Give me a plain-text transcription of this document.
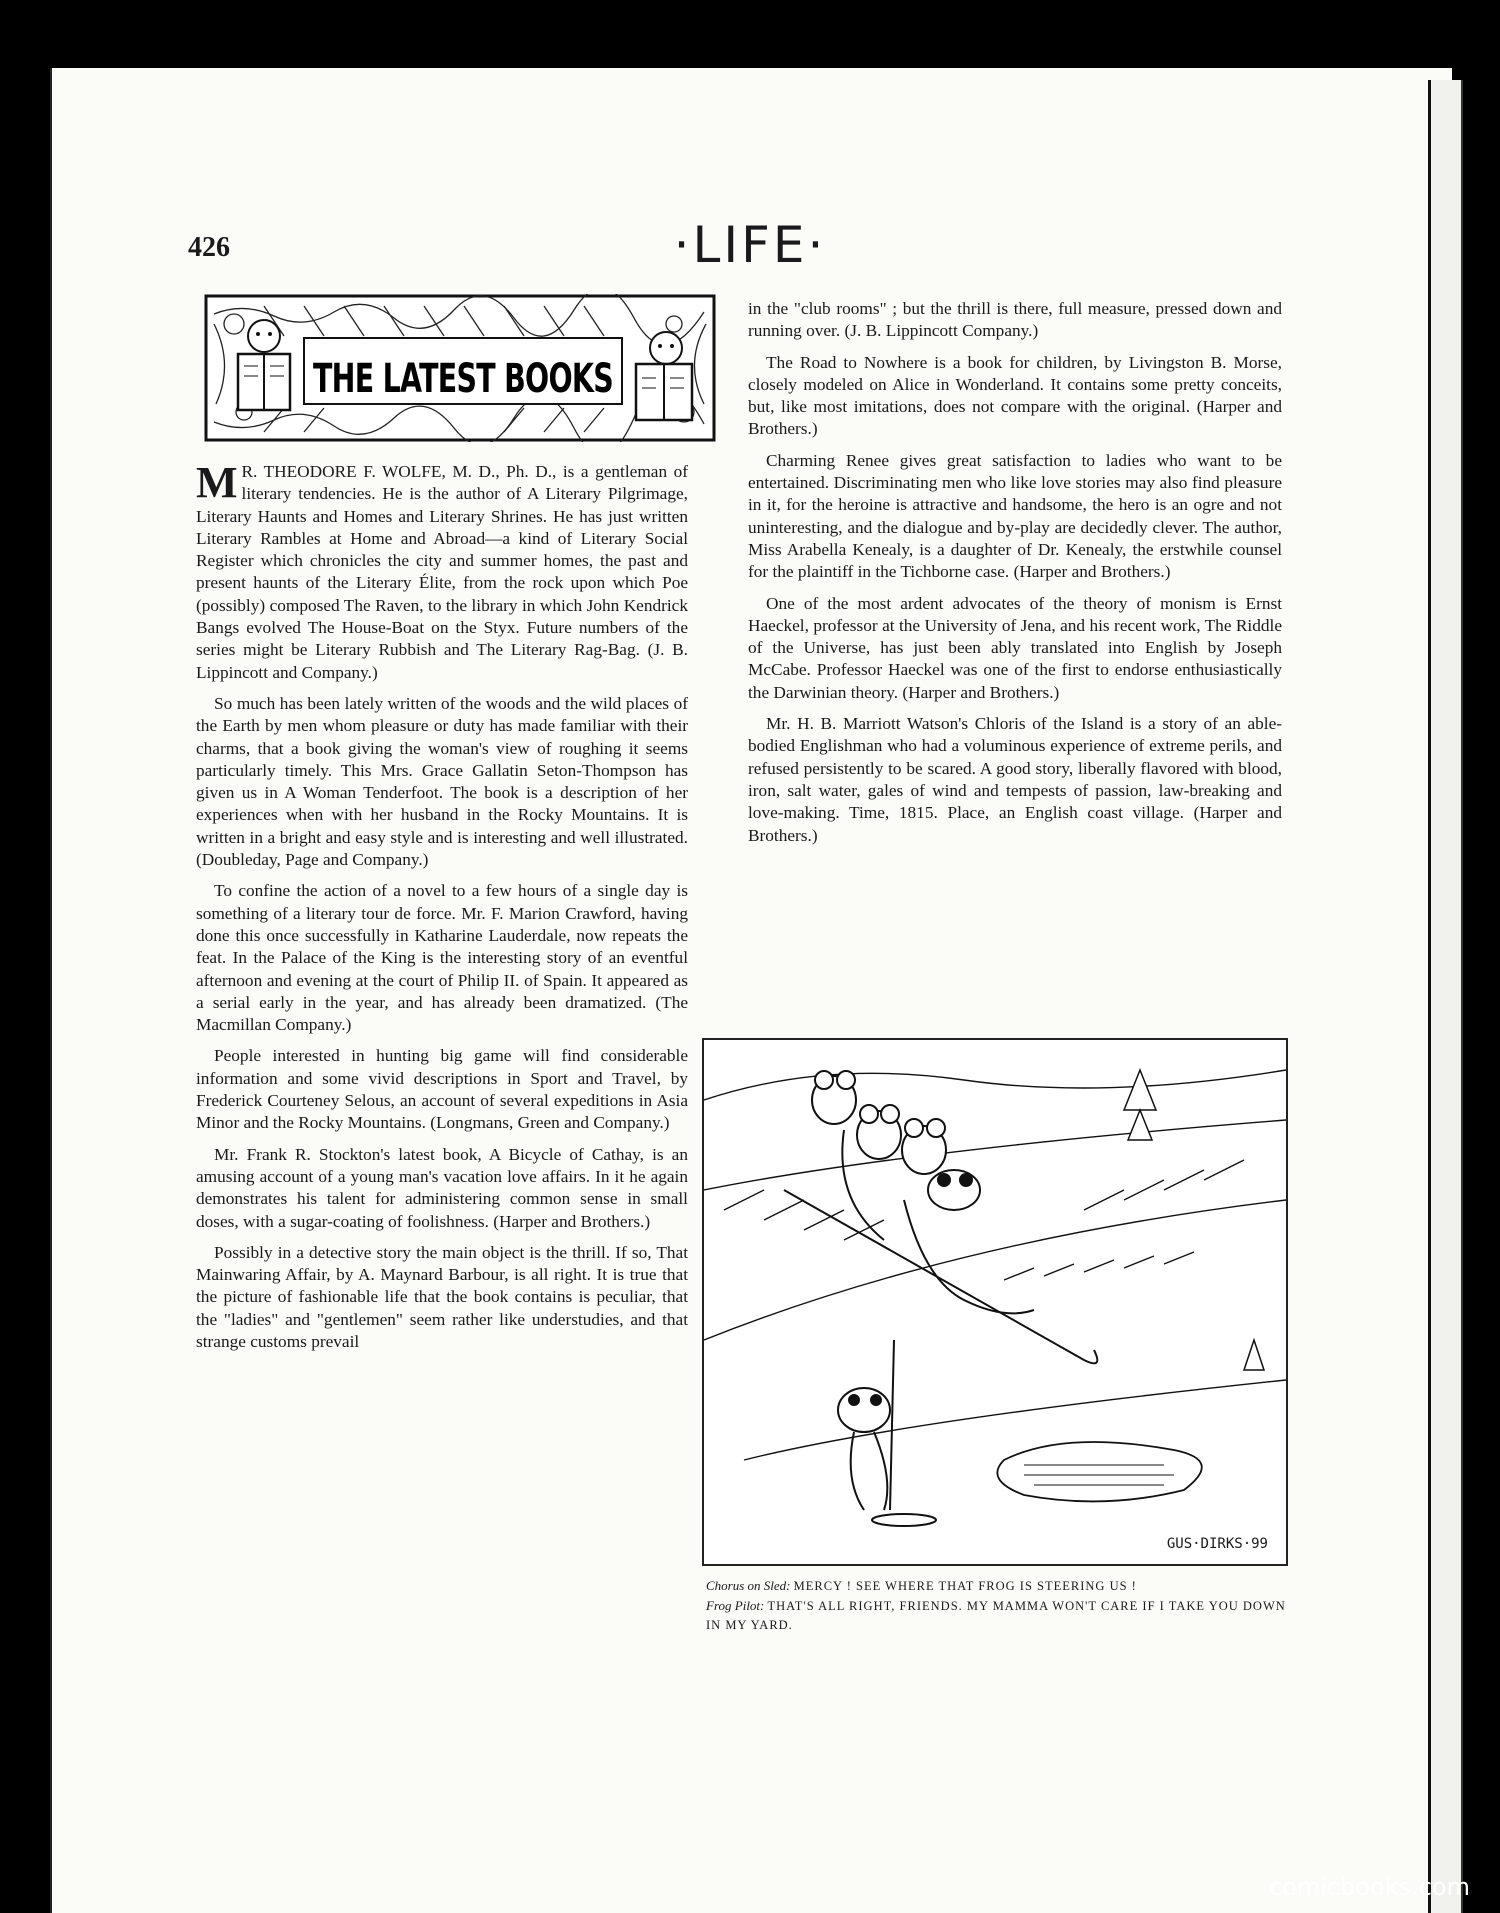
426	·LIFE·
THE LATEST BOOKS

M R. THEODORE F. WOLFE, M. D., Ph. D., is a gentleman of literary tendencies. He is the author of A Literary Pilgrimage, Literary Haunts and Homes and Literary Shrines. He has just written Literary Rambles at Home and Abroad—a kind of Literary Social Register which chronicles the city and summer homes, the past and present haunts of the Literary Élite, from the rock upon which Poe (possibly) composed The Raven, to the library in which John Kendrick Bangs evolved The House-Boat on the Styx. Future numbers of the series might be Literary Rubbish and The Literary Rag-Bag. (J. B. Lippincott and Company.)

So much has been lately written of the woods and the wild places of the Earth by men whom pleasure or duty has made familiar with their charms, that a book giving the woman's view of roughing it seems particularly timely. This Mrs. Grace Gallatin Seton-Thompson has given us in A Woman Tenderfoot. The book is a description of her experiences when with her husband in the Rocky Mountains. It is written in a bright and easy style and is interesting and well illustrated. (Doubleday, Page and Company.)

To confine the action of a novel to a few hours of a single day is something of a literary tour de force. Mr. F. Marion Crawford, having done this once successfully in Katharine Lauderdale, now repeats the feat. In the Palace of the King is the interesting story of an eventful afternoon and evening at the court of Philip II. of Spain. It appeared as a serial early in the year, and has already been dramatized. (The Macmillan Company.)

People interested in hunting big game will find considerable information and some vivid descriptions in Sport and Travel, by Frederick Courteney Selous, an account of several expeditions in Asia Minor and the Rocky Mountains. (Longmans, Green and Company.)

Mr. Frank R. Stockton's latest book, A Bicycle of Cathay, is an amusing account of a young man's vacation love affairs. In it he again demonstrates his talent for administering common sense in small doses, with a sugar-coating of foolishness. (Harper and Brothers.)

Possibly in a detective story the main object is the thrill. If so, That Mainwaring Affair, by A. Maynard Barbour, is all right. It is true that the picture of fashionable life that the book contains is peculiar, that the "ladies" and "gentlemen" seem rather like understudies, and that strange customs prevail

in the "club rooms" ; but the thrill is there, full measure, pressed down and running over. (J. B. Lippincott Company.)

The Road to Nowhere is a book for children, by Livingston B. Morse, closely modeled on Alice in Wonderland. It contains some pretty conceits, but, like most imitations, does not compare with the original. (Harper and Brothers.)

Charming Renee gives great satisfaction to ladies who want to be entertained. Discriminating men who like love stories may also find pleasure in it, for the heroine is attractive and handsome, the hero is an ogre and not uninteresting, and the dialogue and by-play are decidedly clever. The author, Miss Arabella Kenealy, is a daughter of Dr. Kenealy, the erstwhile counsel for the plaintiff in the Tichborne case. (Harper and Brothers.)

One of the most ardent advocates of the theory of monism is Ernst Haeckel, professor at the University of Jena, and his recent work, The Riddle of the Universe, has just been ably translated into English by Joseph McCabe. Professor Haeckel was one of the first to endorse enthusiastically the Darwinian theory. (Harper and Brothers.)

Mr. H. B. Marriott Watson's Chloris of the Island is a story of an able-bodied Englishman who had a voluminous experience of extreme perils, and refused persistently to be scared. A good story, liberally flavored with blood, iron, salt water, gales of wind and tempests of passion, law-breaking and love-making. Time, 1815. Place, an English coast village. (Harper and Brothers.)

GUS·DIRKS·99
Chorus on Sled: MERCY ! SEE WHERE THAT FROG IS STEERING US !
Frog Pilot: THAT'S ALL RIGHT, FRIENDS. MY MAMMA WON'T CARE IF I TAKE YOU DOWN IN MY YARD.
comicbooks.com
